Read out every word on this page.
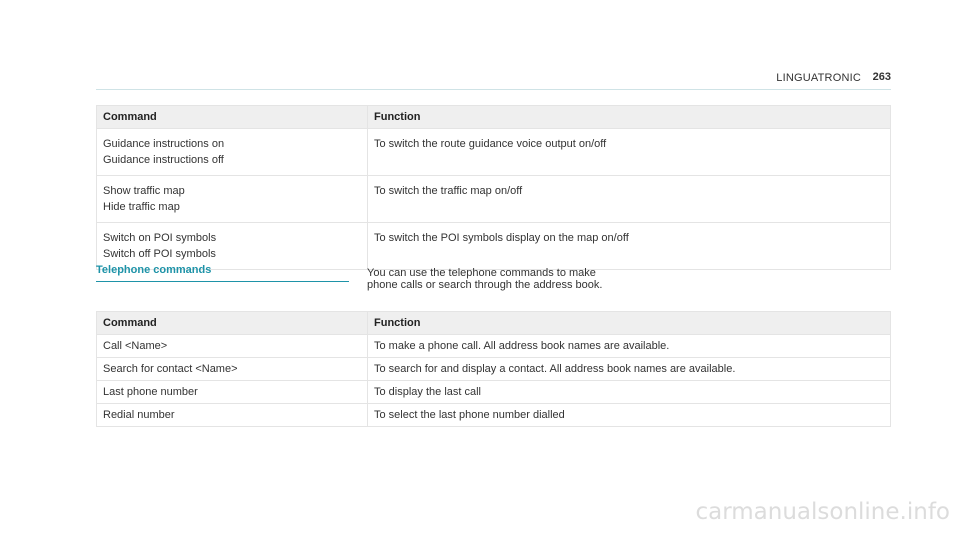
LINGUATRONIC 263
Command	Function

Guidance instructions on
Guidance instructions off	To switch the route guidance voice output on/off

Show traffic map
Hide traffic map	To switch the traffic map on/off

Switch on POI symbols
Switch off POI symbols	To switch the POI symbols display on the map on/off
Telephone commands	You can use the telephone commands to make
phone calls or search through the address book.
Command	Function
Call <Name>	To make a phone call. All address book names are available.
Search for contact <Name>	To search for and display a contact. All address book names are available.
Last phone number	To display the last call
Redial number	To select the last phone number dialled
carmanualsonline.info
